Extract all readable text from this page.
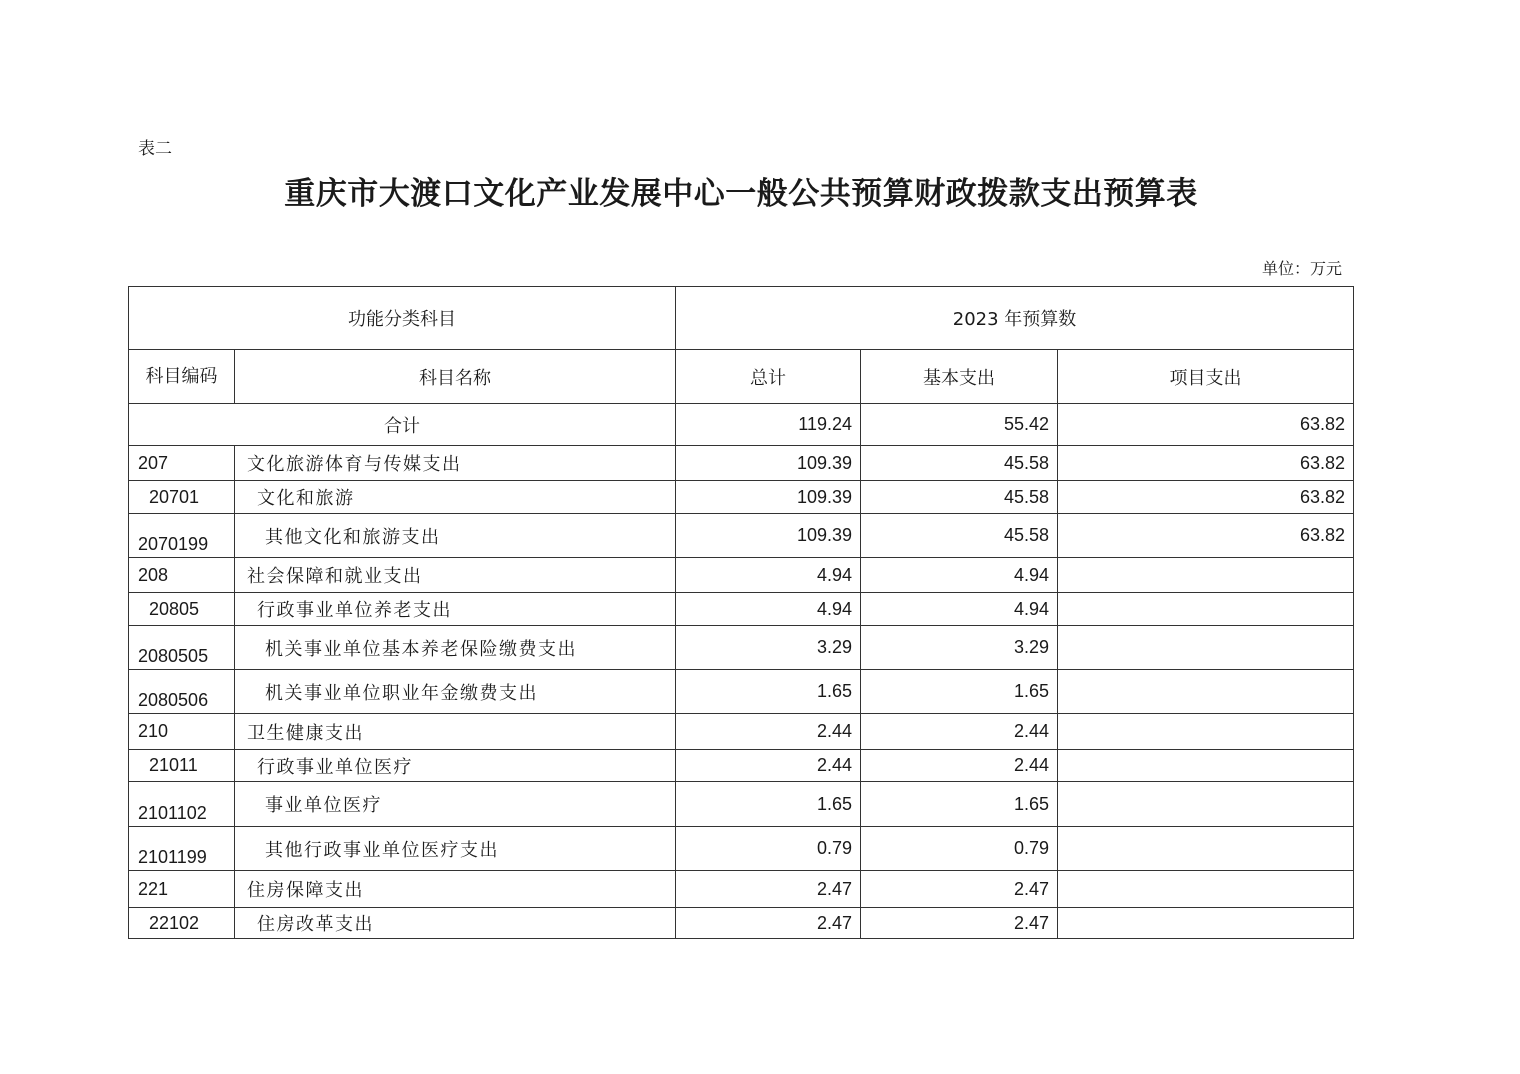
表二
重庆市大渡口文化产业发展中心一般公共预算财政拨款支出预算表
单位：万元
功能分类科目		2023 年预算数		
科目编码	科目名称	总计	基本支出	项目支出
合计		119.24	55.42	63.82
207	文化旅游体育与传媒支出	109.39	45.58	63.82
20701	文化和旅游	109.39	45.58	63.82
2070199	其他文化和旅游支出	109.39	45.58	63.82
208	社会保障和就业支出	4.94	4.94	
20805	行政事业单位养老支出	4.94	4.94	
2080505	机关事业单位基本养老保险缴费支出	3.29	3.29	
2080506	机关事业单位职业年金缴费支出	1.65	1.65	
210	卫生健康支出	2.44	2.44	
21011	行政事业单位医疗	2.44	2.44	
2101102	事业单位医疗	1.65	1.65	
2101199	其他行政事业单位医疗支出	0.79	0.79	
221	住房保障支出	2.47	2.47	
22102	住房改革支出	2.47	2.47	
